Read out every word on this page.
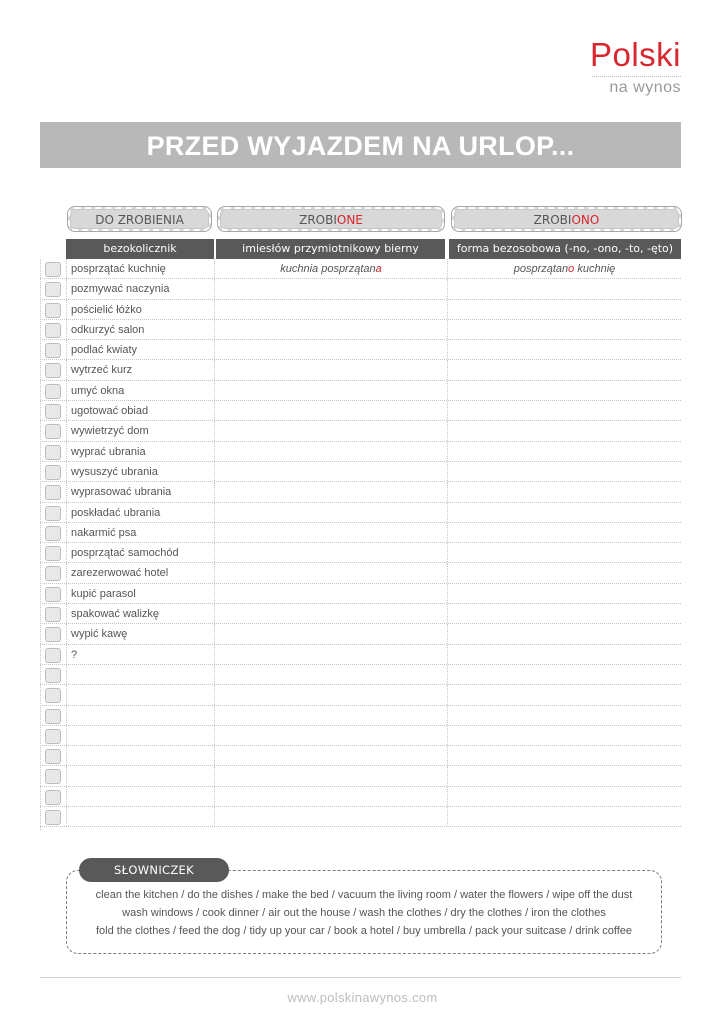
Polski
na wynos
PRZED WYJAZDEM NA URLOP...
DO ZROBIENIA	ZROBIONE	ZROBIONO
bezokolicznik	imiesłów przymiotnikowy bierny	forma bezosobowa (-no, -ono, -to, -ęto)
posprzątać kuchnię	kuchnia posprzątana	posprzątano kuchnię
pozmywać naczynia
pościelić łóżko
odkurzyć salon
podlać kwiaty
wytrzeć kurz
umyć okna
ugotować obiad
wywietrzyć dom
wyprać ubrania
wysuszyć ubrania
wyprasować ubrania
poskładać ubrania
nakarmić psa
posprzątać samochód
zarezerwować hotel
kupić parasol
spakować walizkę
wypić kawę
?
SŁOWNICZEK
clean the kitchen / do the dishes / make the bed / vacuum the living room / water the flowers / wipe off the dust
wash windows / cook dinner / air out the house / wash the clothes / dry the clothes / iron the clothes
fold the clothes / feed the dog / tidy up your car / book a hotel / buy umbrella / pack your suitcase / drink coffee
www.polskinawynos.com
